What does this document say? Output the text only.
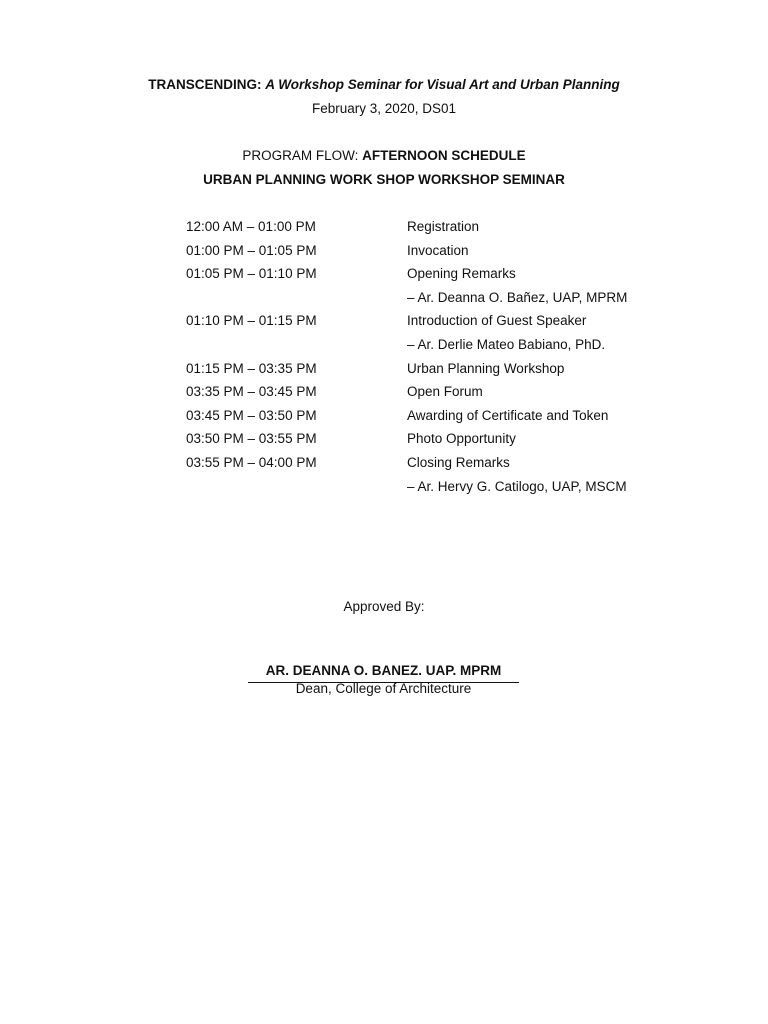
TRANSCENDING: A Workshop Seminar for Visual Art and Urban Planning
February 3, 2020, DS01
PROGRAM FLOW: AFTERNOON SCHEDULE
URBAN PLANNING WORK SHOP WORKSHOP SEMINAR
12:00 AM – 01:00 PM	Registration
01:00 PM – 01:05 PM	Invocation
01:05 PM – 01:10 PM	Opening Remarks
– Ar. Deanna O. Bañez, UAP, MPRM
01:10 PM – 01:15 PM	Introduction of Guest Speaker
– Ar. Derlie Mateo Babiano, PhD.
01:15 PM – 03:35 PM	Urban Planning Workshop
03:35 PM – 03:45 PM	Open Forum
03:45 PM – 03:50 PM	Awarding of Certificate and Token
03:50 PM – 03:55 PM	Photo Opportunity
03:55 PM – 04:00 PM	Closing Remarks
– Ar. Hervy G. Catilogo, UAP, MSCM
Approved By:
AR. DEANNA O. BANEZ. UAP. MPRM
Dean, College of Architecture
